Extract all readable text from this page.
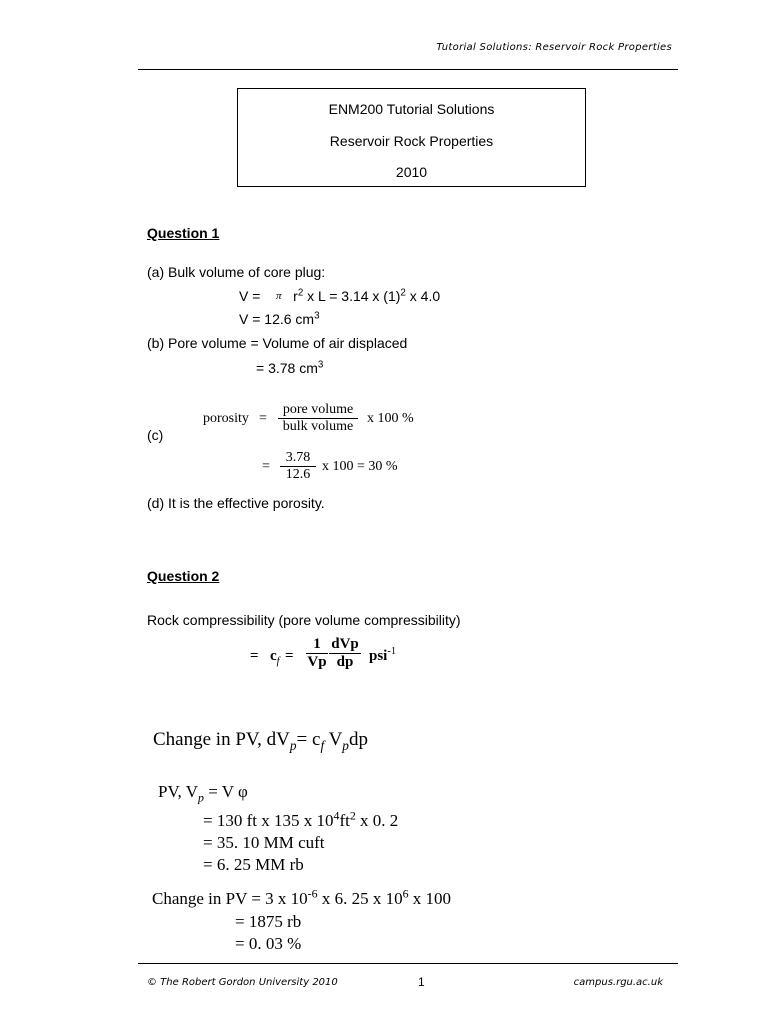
Tutorial Solutions: Reservoir Rock Properties
ENM200 Tutorial Solutions
Reservoir Rock Properties
2010
Question 1
(a) Bulk volume of core plug:
V = π $r^2$ x L = 3.14 x $(1)^2$ x 4.0
V = 12.6 $cm^3$
(b) Pore volume = Volume of air displaced
= 3.78 $cm^3$
(c)
porosity =
pore volume
bulk volume
x 100 %
= $\frac{3.78}{12.6}$ x 100 = 30 %
(d) It is the effective porosity.
Question 2
Rock compressibility (pore volume compressibility)
= $c_f = \frac{1}{Vp}$ dVp
dp	psi$^{-1}$
Change in PV, $dV_p= c_f$ $V_pdp$
PV, $V_p = V$ φ
= 130 ft x 135 x $10^4ft^2$ x 0. 2
= 35. 10 MM cuft
= 6. 25 MM rb
Change in PV = 3 x $10^{-6}$ x 6. 25 x $10^6$ x 100
= 1875 rb
= 0. 03 %
© The Robert Gordon University 2010	1	campus.rgu.ac.uk
